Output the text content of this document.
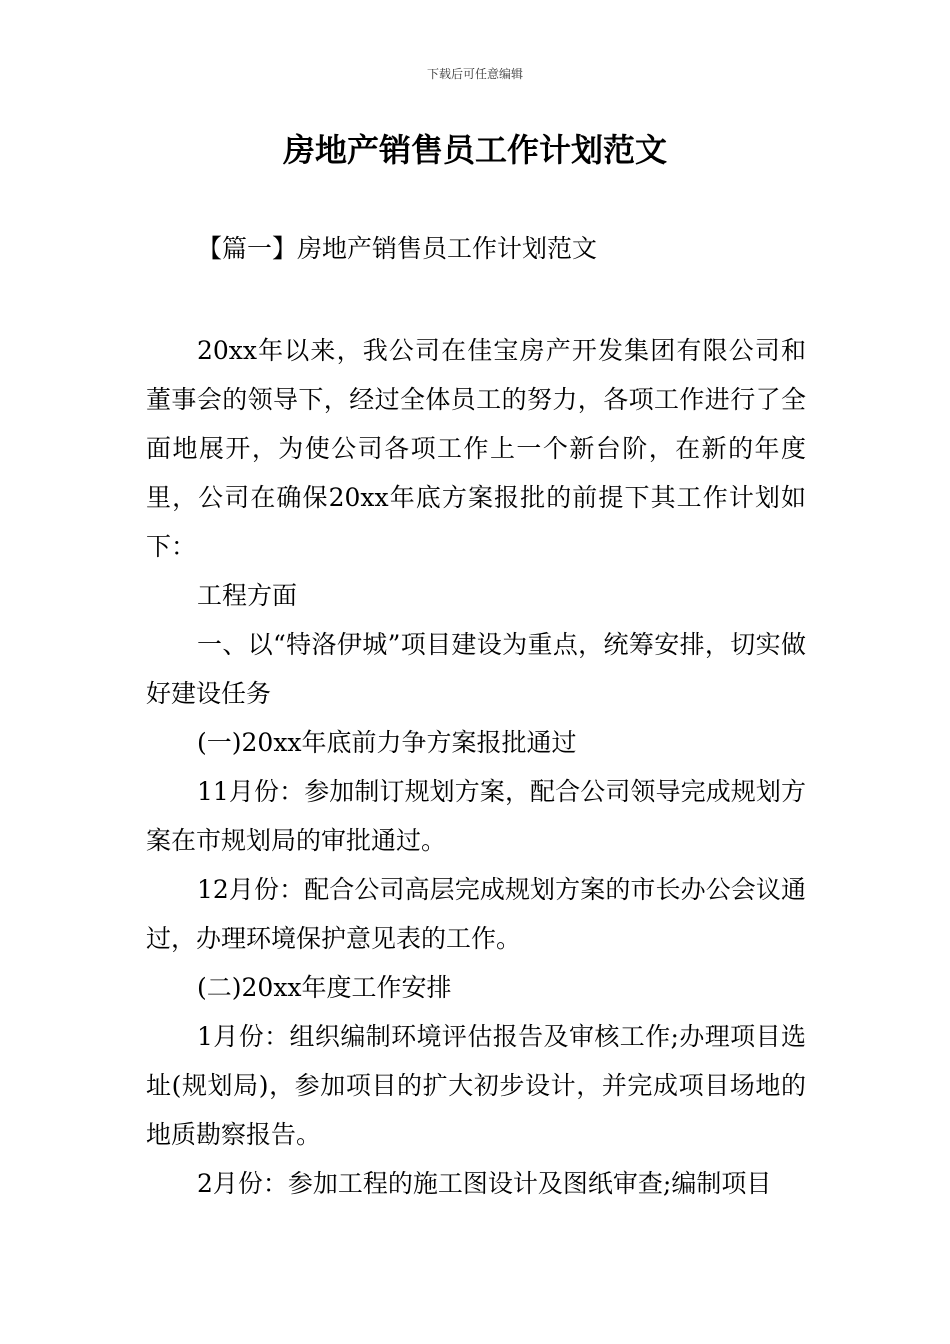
下载后可任意编辑
房地产销售员工作计划范文
【篇一】房地产销售员工作计划范文

20xx年以来，我公司在佳宝房产开发集团有限公司和董事会的领导下，经过全体员工的努力，各项工作进行了全面地展开，为使公司各项工作上一个新台阶，在新的年度里，公司在确保20xx年底方案报批的前提下其工作计划如下：

工程方面

一、以“特洛伊城”项目建设为重点，统筹安排，切实做好建设任务

(一)20xx年底前力争方案报批通过

11月份：参加制订规划方案，配合公司领导完成规划方案在市规划局的审批通过。

12月份：配合公司高层完成规划方案的市长办公会议通过，办理环境保护意见表的工作。

(二)20xx年度工作安排

1月份：组织编制环境评估报告及审核工作;办理项目选址(规划局)，参加项目的扩大初步设计，并完成项目场地的地质勘察报告。

2月份：参加工程的施工图设计及图纸审查;编制项目
